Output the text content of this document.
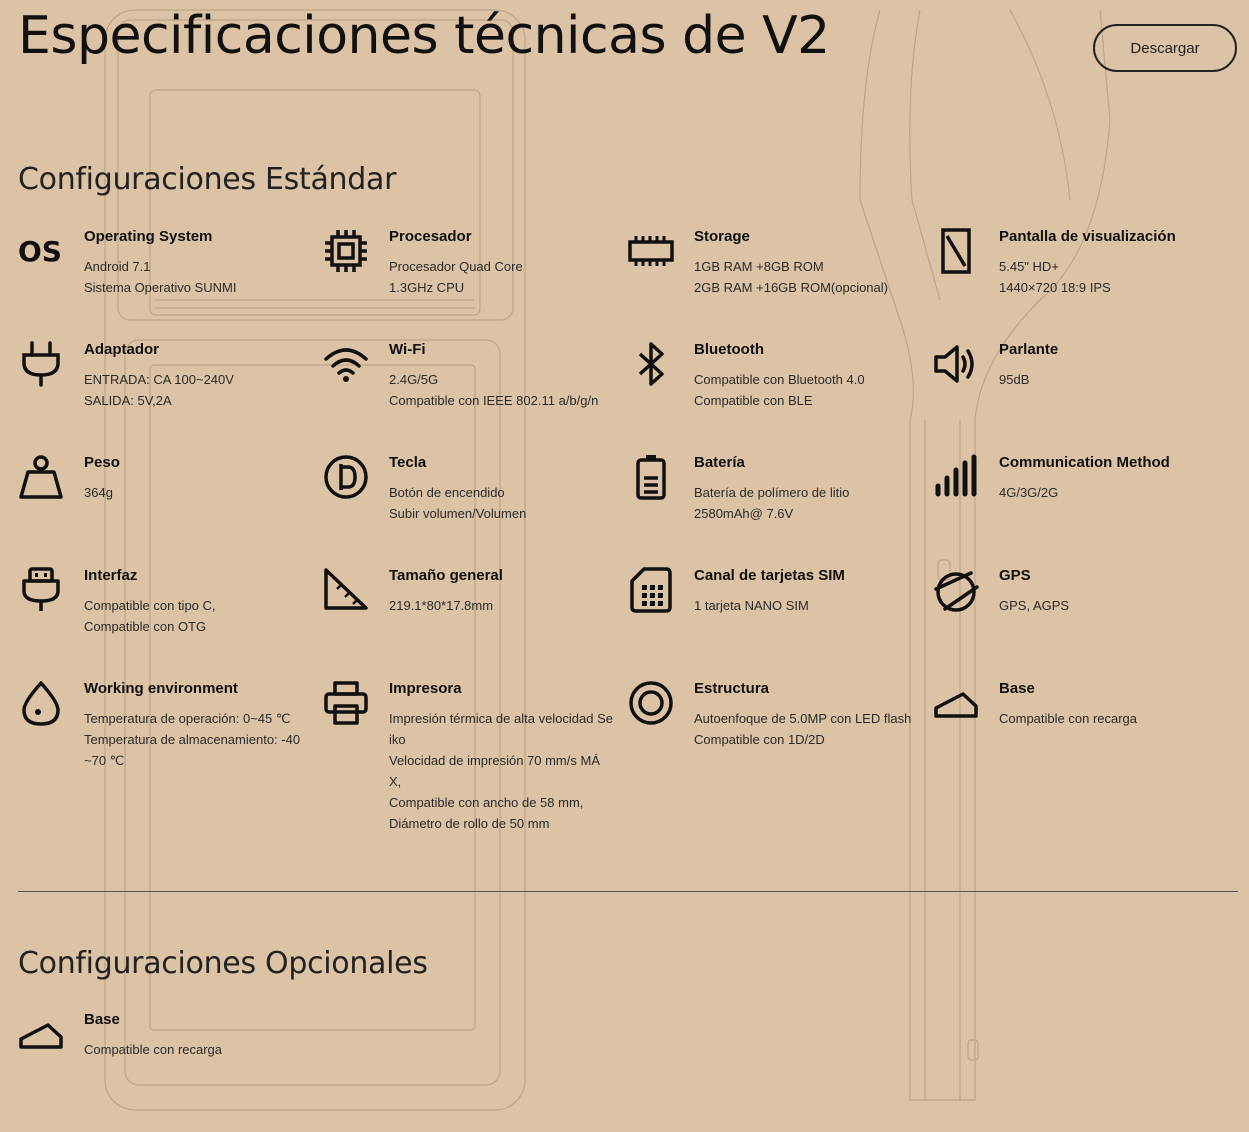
Especificaciones técnicas de V2	Descargar
Configuraciones Estándar
OS Operating System
Android 7.1
Sistema Operativo SUNMI
Procesador
Procesador Quad Core
1.3GHz CPU
Storage
1GB RAM +8GB ROM
2GB RAM +16GB ROM(opcional)
Pantalla de visualización
5.45" HD+
1440×720 18:9 IPS
Adaptador
ENTRADA: CA 100~240V
SALIDA: 5V,2A
Wi-Fi
2.4G/5G
Compatible con IEEE 802.11 a/b/g/n
Bluetooth
Compatible con Bluetooth 4.0
Compatible con BLE
Parlante
95dB
Peso
364g
Tecla
Botón de encendido
Subir volumen/Volumen
Batería
Batería de polímero de litio
2580mAh@ 7.6V
Communication Method
4G/3G/2G
Interfaz
Compatible con tipo C,
Compatible con OTG
Tamaño general
219.1*80*17.8mm
Canal de tarjetas SIM
1 tarjeta NANO SIM
GPS
GPS, AGPS
Working environment
Temperatura de operación: 0~45 ℃
Temperatura de almacenamiento: -40
~70 ℃
Impresora
Impresión térmica de alta velocidad Se
iko
Velocidad de impresión 70 mm/s MÁ
X,
Compatible con ancho de 58 mm,
Diámetro de rollo de 50 mm
Estructura
Autoenfoque de 5.0MP con LED flash
Compatible con 1D/2D
Base
Compatible con recarga
Configuraciones Opcionales
Base
Compatible con recarga
